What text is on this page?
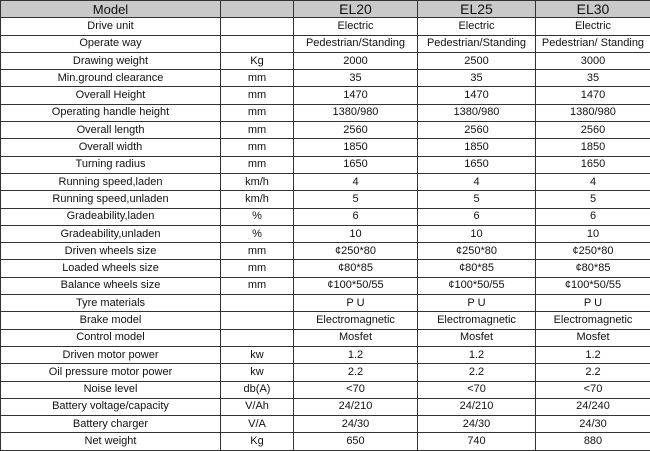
Model		EL20	EL25	EL30
Drive unit		Electric	Electric	Electric
Operate way		Pedestrian/Standing	Pedestrian/Standing	Pedestrian/ Standing
Drawing weight	Kg	2000	2500	3000
Min.ground clearance	mm	35	35	35
Overall Height	mm	1470	1470	1470
Operating handle height	mm	1380/980	1380/980	1380/980
Overall length	mm	2560	2560	2560
Overall width	mm	1850	1850	1850
Turning radius	mm	1650	1650	1650
Running speed,laden	km/h	4	4	4
Running speed,unladen	km/h	5	5	5
Gradeability,laden	%	6	6	6
Gradeability,unladen	%	10	10	10
Driven wheels size	mm	¢250*80	¢250*80	¢250*80
Loaded wheels size	mm	¢80*85	¢80*85	¢80*85
Balance wheels size	mm	¢100*50/55	¢100*50/55	¢100*50/55
Tyre materials		P U	P U	P U
Brake model		Electromagnetic	Electromagnetic	Electromagnetic
Control model		Mosfet	Mosfet	Mosfet
Driven motor power	kw	1.2	1.2	1.2
Oil pressure motor power	kw	2.2	2.2	2.2
Noise level	db(A)	<70	<70	<70
Battery voltage/capacity	V/Ah	24/210	24/210	24/240
Battery charger	V/A	24/30	24/30	24/30
Net weight	Kg	650	740	880
